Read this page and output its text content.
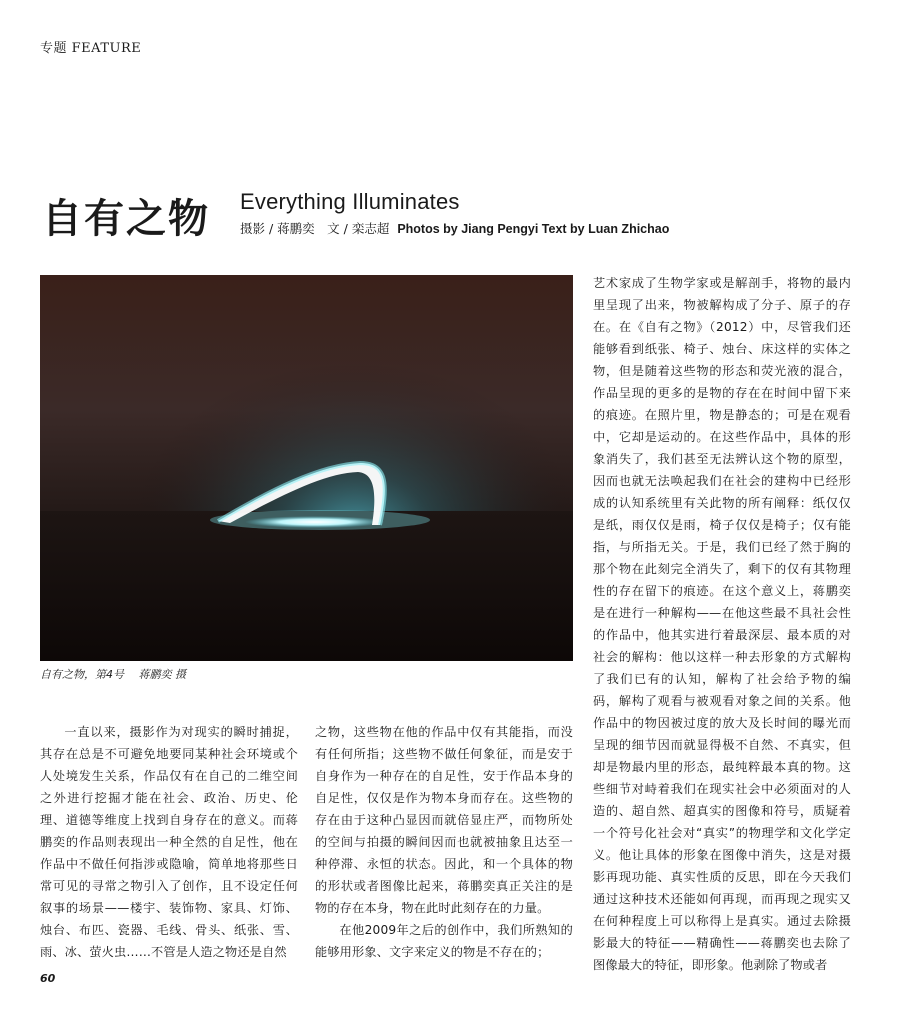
专题 FEATURE
自有之物 Everything Illuminates
摄影 / 蒋鹏奕　文 / 栾志超 Photos by Jiang Pengyi Text by Luan Zhichao
自有之物，第4号　 蒋鹏奕 摄

一直以来，摄影作为对现实的瞬时捕捉，其存在总是不可避免地要同某种社会环境或个人处境发生关系，作品仅有在自己的二维空间之外进行挖掘才能在社会、政治、历史、伦理、道德等维度上找到自身存在的意义。而蒋鹏奕的作品则表现出一种全然的自足性，他在作品中不做任何指涉或隐喻，简单地将那些日常可见的寻常之物引入了创作，且不设定任何叙事的场景——楼宇、装饰物、家具、灯饰、烛台、布匹、瓷器、毛线、骨头、纸张、雪、雨、冰、萤火虫……不管是人造之物还是自然

之物，这些物在他的作品中仅有其能指，而没有任何所指；这些物不做任何象征，而是安于自身作为一种存在的自足性，安于作品本身的自足性，仅仅是作为物本身而存在。这些物的存在由于这种凸显因而就倍显庄严，而物所处的空间与拍摄的瞬间因而也就被抽象且达至一种停滞、永恒的状态。因此，和一个具体的物的形状或者图像比起来，蒋鹏奕真正关注的是物的存在本身，物在此时此刻存在的力量。

在他2009年之后的创作中，我们所熟知的能够用形象、文字来定义的物是不存在的；

艺术家成了生物学家或是解剖手，将物的最内里呈现了出来，物被解构成了分子、原子的存在。在《自有之物》（2012）中，尽管我们还能够看到纸张、椅子、烛台、床这样的实体之物，但是随着这些物的形态和荧光液的混合，作品呈现的更多的是物的存在在时间中留下来的痕迹。在照片里，物是静态的；可是在观看中，它却是运动的。在这些作品中，具体的形象消失了，我们甚至无法辨认这个物的原型，因而也就无法唤起我们在社会的建构中已经形成的认知系统里有关此物的所有阐释：纸仅仅是纸，雨仅仅是雨，椅子仅仅是椅子；仅有能指，与所指无关。于是，我们已经了然于胸的那个物在此刻完全消失了，剩下的仅有其物理性的存在留下的痕迹。在这个意义上，蒋鹏奕是在进行一种解构——在他这些最不具社会性的作品中，他其实进行着最深层、最本质的对社会的解构：他以这样一种去形象的方式解构了我们已有的认知，解构了社会给予物的编码，解构了观看与被观看对象之间的关系。他作品中的物因被过度的放大及长时间的曝光而呈现的细节因而就显得极不自然、不真实，但却是物最内里的形态，最纯粹最本真的物。这些细节对峙着我们在现实社会中必须面对的人造的、超自然、超真实的图像和符号，质疑着一个符号化社会对“真实”的物理学和文化学定义。他让具体的形象在图像中消失，这是对摄影再现功能、真实性质的反思，即在今天我们通过这种技术还能如何再现，而再现之现实又在何种程度上可以称得上是真实。通过去除摄影最大的特征——精确性——蒋鹏奕也去除了图像最大的特征，即形象。他剥除了物或者

60
